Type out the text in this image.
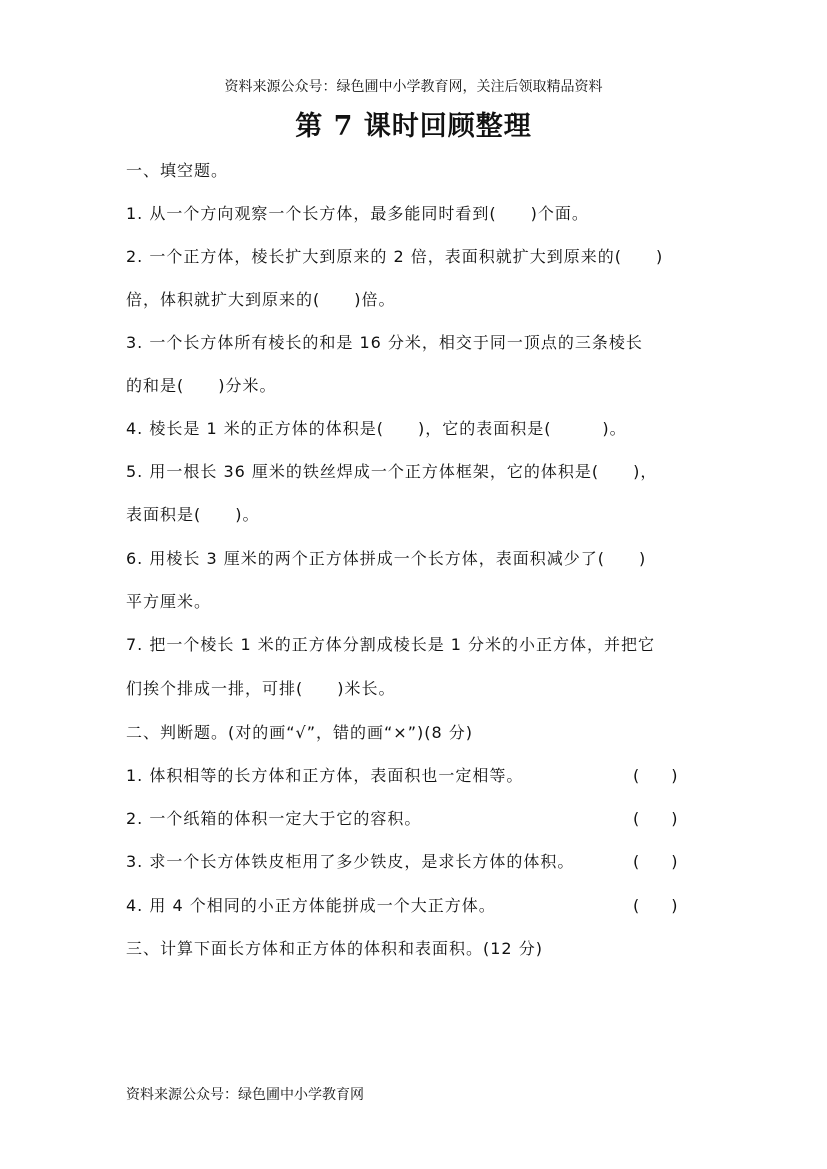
资料来源公众号：绿色圃中小学教育网，关注后领取精品资料
第 7 课时回顾整理
一、填空题。
1. 从一个方向观察一个长方体，最多能同时看到(　　)个面。
2. 一个正方体，棱长扩大到原来的 2 倍，表面积就扩大到原来的(　　)
倍，体积就扩大到原来的(　　)倍。
3. 一个长方体所有棱长的和是 16 分米，相交于同一顶点的三条棱长
的和是(　　)分米。
4. 棱长是 1 米的正方体的体积是(　　)，它的表面积是(　　　)。
5. 用一根长 36 厘米的铁丝焊成一个正方体框架，它的体积是(　　)，
表面积是(　　)。
6. 用棱长 3 厘米的两个正方体拼成一个长方体，表面积减少了(　　)
平方厘米。
7. 把一个棱长 1 米的正方体分割成棱长是 1 分米的小正方体，并把它
们挨个排成一排，可排(　　)米长。
二、判断题。(对的画“√”，错的画“×”)(8 分)
1. 体积相等的长方体和正方体，表面积也一定相等。	(　　)
2. 一个纸箱的体积一定大于它的容积。	(　　)
3. 求一个长方体铁皮柜用了多少铁皮，是求长方体的体积。	(　　)
4. 用 4 个相同的小正方体能拼成一个大正方体。	(　　)
三、计算下面长方体和正方体的体积和表面积。(12 分)
资料来源公众号：绿色圃中小学教育网
